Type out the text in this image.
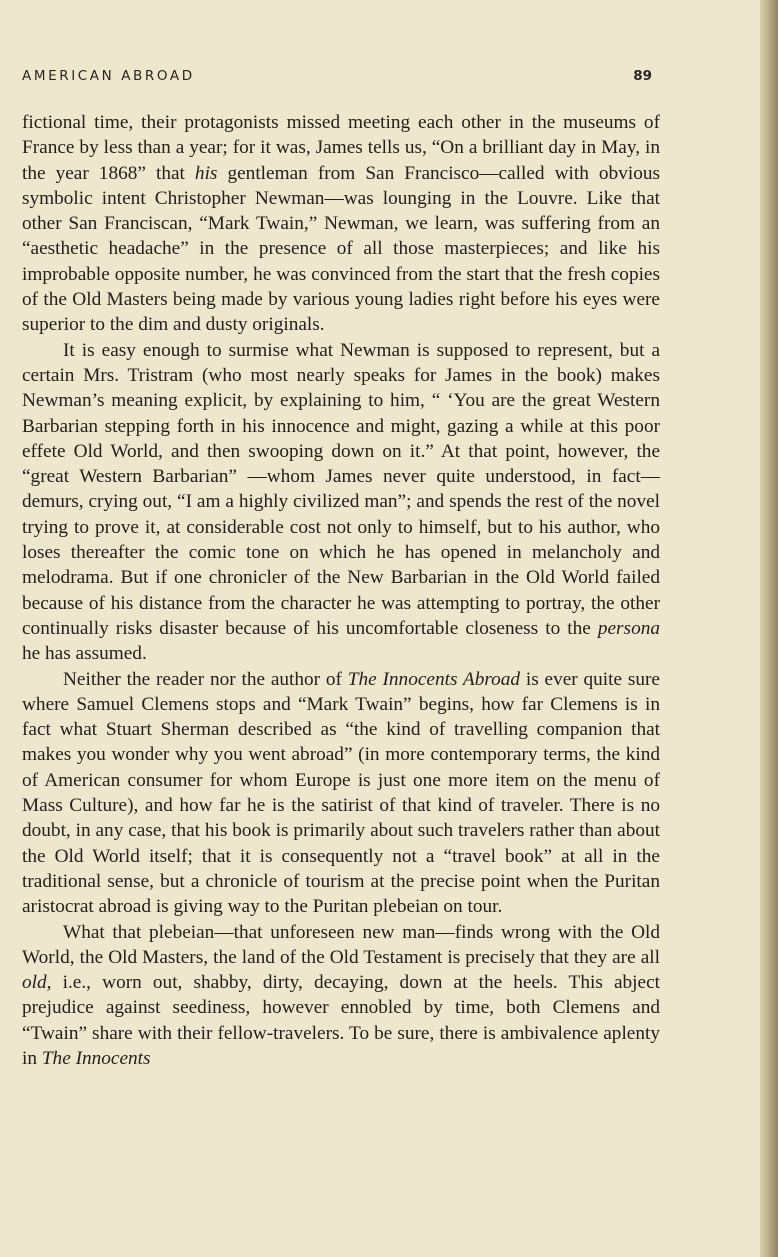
AMERICAN ABROAD	89

fictional time, their protagonists missed meeting each other in the museums of France by less than a year; for it was, James tells us, “On a brilliant day in May, in the year 1868” that his gentleman from San Francisco—called with obvious symbolic intent Christopher Newman—was lounging in the Louvre. Like that other San Franciscan, “Mark Twain,” Newman, we learn, was suffering from an “aesthetic headache” in the presence of all those masterpieces; and like his improbable opposite number, he was convinced from the start that the fresh copies of the Old Masters being made by various young ladies right before his eyes were superior to the dim and dusty originals.

It is easy enough to surmise what Newman is supposed to represent, but a certain Mrs. Tristram (who most nearly speaks for James in the book) makes Newman’s meaning explicit, by explaining to him, “ ‘You are the great Western Barbarian stepping forth in his innocence and might, gazing a while at this poor effete Old World, and then swooping down on it.” At that point, however, the “great Western Barbarian” —whom James never quite understood, in fact—demurs, crying out, “I am a highly civilized man”; and spends the rest of the novel trying to prove it, at considerable cost not only to himself, but to his author, who loses thereafter the comic tone on which he has opened in melancholy and melodrama. But if one chronicler of the New Barbarian in the Old World failed because of his distance from the character he was attempting to portray, the other continually risks disaster because of his uncomfortable closeness to the persona he has assumed.

Neither the reader nor the author of The Innocents Abroad is ever quite sure where Samuel Clemens stops and “Mark Twain” begins, how far Clemens is in fact what Stuart Sherman described as “the kind of travelling companion that makes you wonder why you went abroad” (in more contemporary terms, the kind of American consumer for whom Europe is just one more item on the menu of Mass Culture), and how far he is the satirist of that kind of traveler. There is no doubt, in any case, that his book is primarily about such travelers rather than about the Old World itself; that it is consequently not a “travel book” at all in the traditional sense, but a chronicle of tourism at the precise point when the Puritan aristocrat abroad is giving way to the Puritan plebeian on tour.

What that plebeian—that unforeseen new man—finds wrong with the Old World, the Old Masters, the land of the Old Testament is precisely that they are all old, i.e., worn out, shabby, dirty, decaying, down at the heels. This abject prejudice against seediness, however ennobled by time, both Clemens and “Twain” share with their fellow-travelers. To be sure, there is ambivalence aplenty in The Innocents
